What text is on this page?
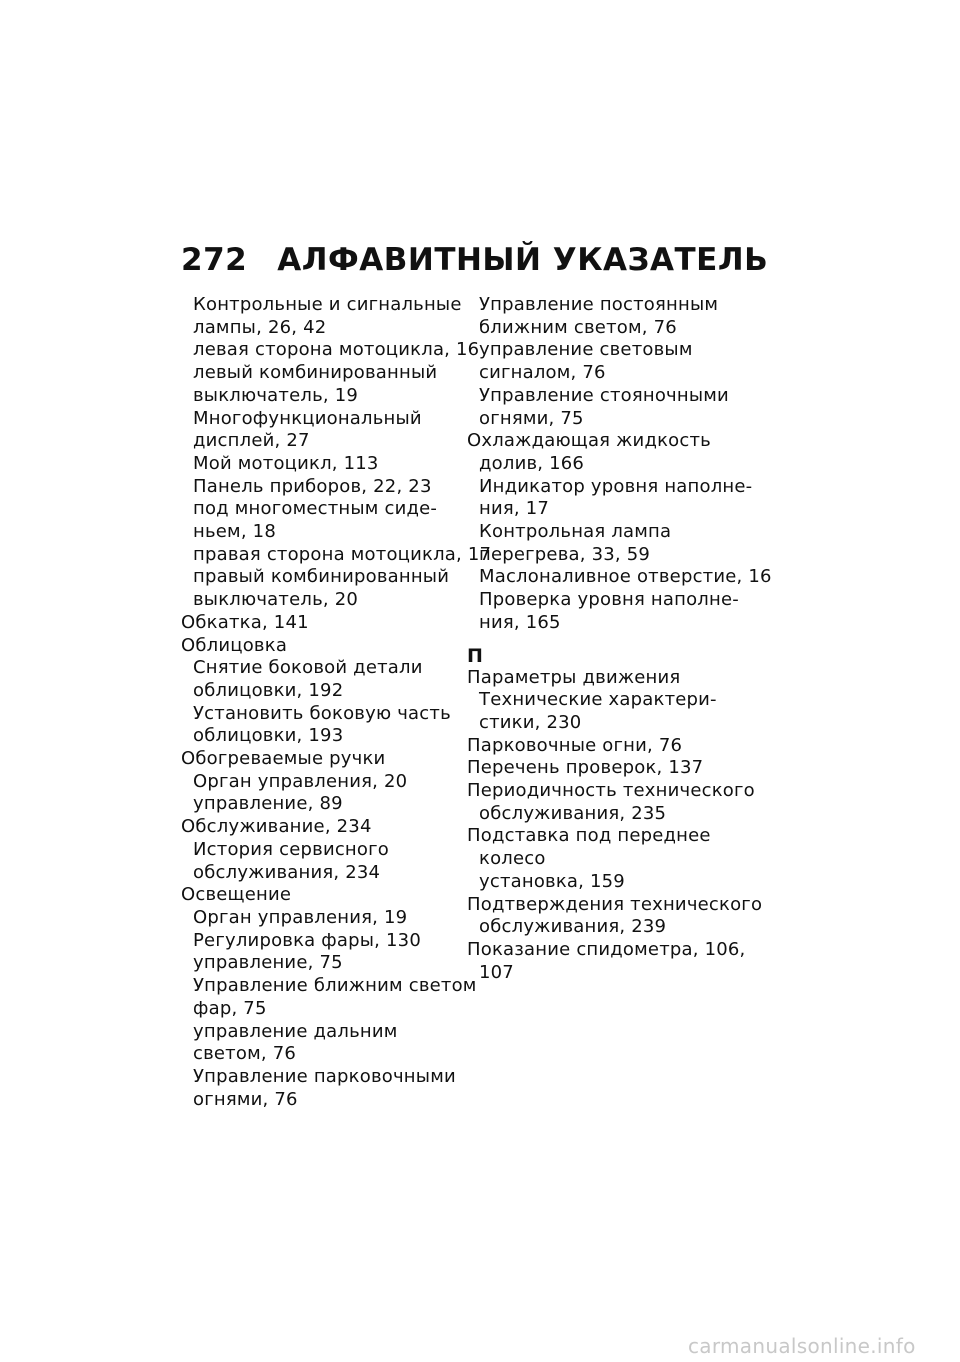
272 АЛФАВИТНЫЙ УКАЗАТЕЛЬ
Контрольные и сигнальные
лампы, 26, 42
левая сторона мотоцикла, 16
левый комбинированный
выключатель, 19
Многофункциональный
дисплей, 27
Мой мотоцикл, 113
Панель приборов, 22, 23
под многоместным сиде-
ньем, 18
правая сторона мотоцикла, 17
правый комбинированный
выключатель, 20
Обкатка, 141
Облицовка
Снятие боковой детали
облицовки, 192
Установить боковую часть
облицовки, 193
Обогреваемые ручки
Орган управления, 20
управление, 89
Обслуживание, 234
История сервисного
обслуживания, 234
Освещение
Орган управления, 19
Регулировка фары, 130
управление, 75
Управление ближним светом
фар, 75
управление дальним
светом, 76
Управление парковочными
огнями, 76
Управление постоянным
ближним светом, 76
управление световым
сигналом, 76
Управление стояночными
огнями, 75
Охлаждающая жидкость
долив, 166
Индикатор уровня наполне-
ния, 17
Контрольная лампа
перегрева, 33, 59
Маслоналивное отверстие, 16
Проверка уровня наполне-
ния, 165
П
Параметры движения
Технические характери-
стики, 230
Парковочные огни, 76
Перечень проверок, 137
Периодичность технического
обслуживания, 235
Подставка под переднее
колесо
установка, 159
Подтверждения технического
обслуживания, 239
Показание спидометра, 106,
107
carmanualsonline.info
